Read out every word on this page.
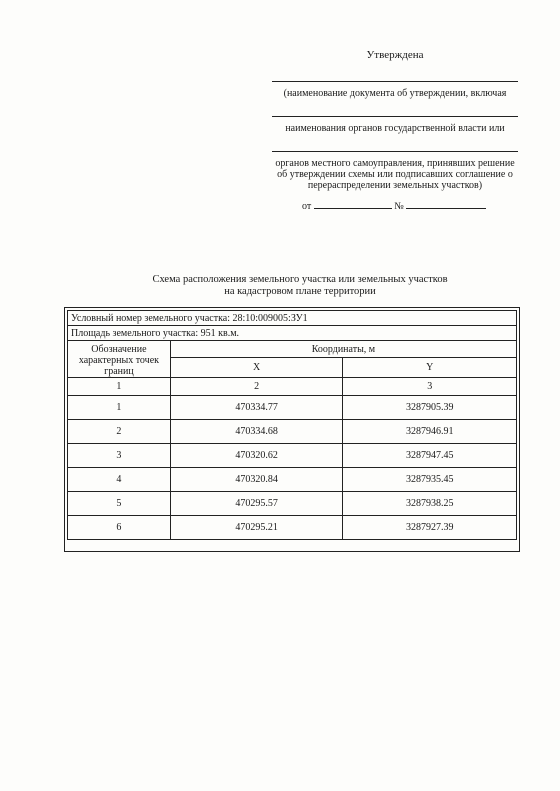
Утверждена
(наименование документа об утверждении, включая
наименования органов государственной власти или
органов местного самоуправления, принявших решение об утверждении схемы или подписавших соглашение о перераспределении земельных участков)
от	№
Схема расположения земельного участка или земельных участков
на кадастровом плане территории
Условный номер земельного участка: 28:10:009005:ЗУ1		
Площадь земельного участка: 951 кв.м.		
Обозначение характерных точек границ	Координаты, м	
	X	Y
1	2	3
1	470334.77	3287905.39
2	470334.68	3287946.91
3	470320.62	3287947.45
4	470320.84	3287935.45
5	470295.57	3287938.25
6	470295.21	3287927.39
